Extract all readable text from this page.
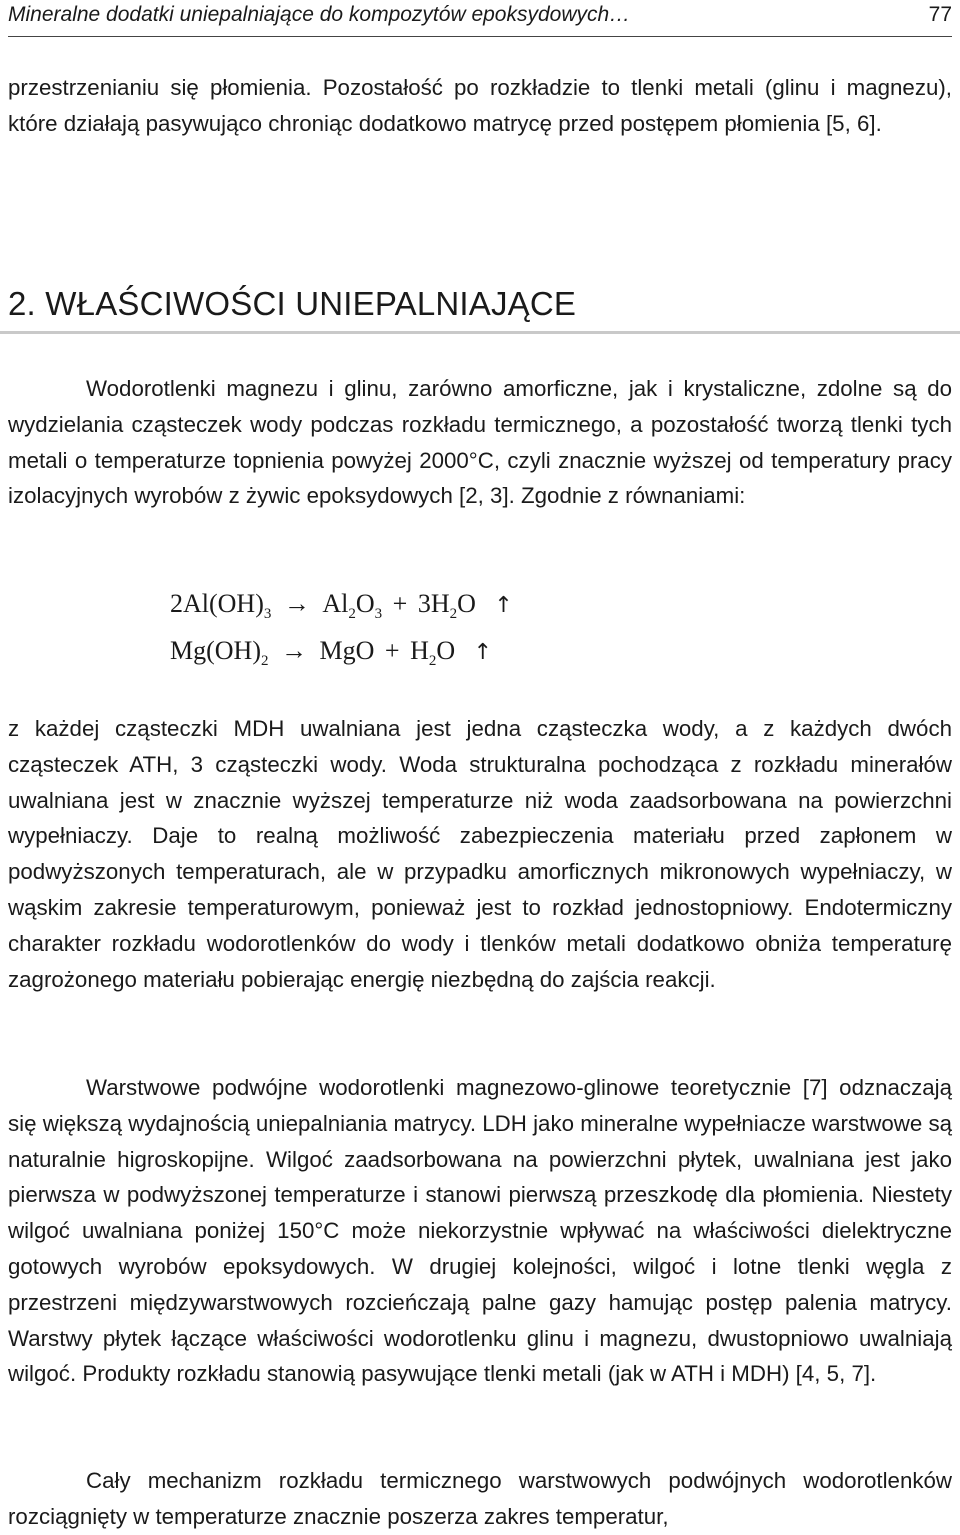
Mineralne dodatki uniepalniające do kompozytów epoksydowych…	77

przestrzenianiu się płomienia. Pozostałość po rozkładzie to tlenki metali (glinu i magnezu), które działają pasywująco chroniąc dodatkowo matrycę przed postępem płomienia [5, 6].

2. WŁAŚCIWOŚCI UNIEPALNIAJĄCE

Wodorotlenki magnezu i glinu, zarówno amorficzne, jak i krystaliczne, zdolne są do wydzielania cząsteczek wody podczas rozkładu termicznego, a pozostałość tworzą tlenki tych metali o temperaturze topnienia powyżej 2000°C, czyli znacznie wyższej od temperatury pracy izolacyjnych wyrobów z żywic epoksydowych [2, 3]. Zgodnie z równaniami:

$2Al(OH)_3 \to Al_2O_3 + 3H_2O$ ↑
$Mg(OH)_2$ → MgO + $H_2O$ ↑

z każdej cząsteczki MDH uwalniana jest jedna cząsteczka wody, a z każdych dwóch cząsteczek ATH, 3 cząsteczki wody. Woda strukturalna pochodząca z rozkładu minerałów uwalniana jest w znacznie wyższej temperaturze niż woda zaadsorbowana na powierzchni wypełniaczy. Daje to realną możliwość zabezpieczenia materiału przed zapłonem w podwyższonych temperaturach, ale w przypadku amorficznych mikronowych wypełniaczy, w wąskim zakresie temperaturowym, ponieważ jest to rozkład jednostopniowy. Endotermiczny charakter rozkładu wodorotlenków do wody i tlenków metali dodatkowo obniża temperaturę zagrożonego materiału pobierając energię niezbędną do zajścia reakcji.

Warstwowe podwójne wodorotlenki magnezowo-glinowe teoretycznie [7] odznaczają się większą wydajnością uniepalniania matrycy. LDH jako mineralne wypełniacze warstwowe są naturalnie higroskopijne. Wilgoć zaadsorbowana na powierzchni płytek, uwalniana jest jako pierwsza w podwyższonej temperaturze i stanowi pierwszą przeszkodę dla płomienia. Niestety wilgoć uwalniana poniżej 150°C może niekorzystnie wpływać na właściwości dielektryczne gotowych wyrobów epoksydowych. W drugiej kolejności, wilgoć i lotne tlenki węgla z przestrzeni międzywarstwowych rozcieńczają palne gazy hamując postęp palenia matrycy. Warstwy płytek łączące właściwości wodorotlenku glinu i magnezu, dwustopniowo uwalniają wilgoć. Produkty rozkładu stanowią pasywujące tlenki metali (jak w ATH i MDH) [4, 5, 7].

Cały mechanizm rozkładu termicznego warstwowych podwójnych wodorotlenków rozciągnięty w temperaturze znacznie poszerza zakres temperatur,
